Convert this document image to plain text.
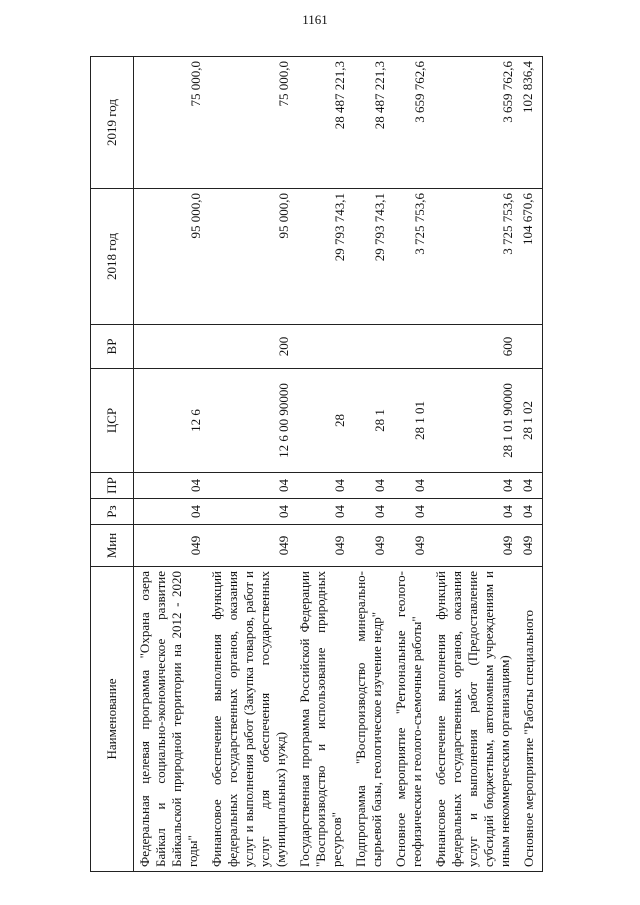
1161
Наименование	Мин	Рз	ПР	ЦСР	ВР	2018 год	2019 год
Федеральная целевая программа "Охрана озера Байкал и социально-экономическое развитие Байкальской природной территории на 2012 - 2020 годы"	049	04	04	12 6		95 000,0	75 000,0
Финансовое обеспечение выполнения функций федеральных государственных органов, оказания услуг и выполнения работ (Закупка товаров, работ и услуг для обеспечения государственных (муниципальных) нужд)	049	04	04	12 6 00 90000	200	95 000,0	75 000,0
Государственная программа Российской Федерации "Воспроизводство и использование природных ресурсов"	049	04	04	28		29 793 743,1	28 487 221,3
Подпрограмма "Воспроизводство минерально-сырьевой базы, геологическое изучение недр"	049	04	04	28 1		29 793 743,1	28 487 221,3
Основное мероприятие "Региональные геолого-геофизические и геолого-съемочные работы"	049	04	04	28 1 01		3 725 753,6	3 659 762,6
Финансовое обеспечение выполнения функций федеральных государственных органов, оказания услуг и выполнения работ (Предоставление субсидий бюджетным, автономным учреждениям и иным некоммерческим организациям)	049	04	04	28 1 01 90000	600	3 725 753,6	3 659 762,6
Основное мероприятие "Работы специального	049	04	04	28 1 02		104 670,6	102 836,4
